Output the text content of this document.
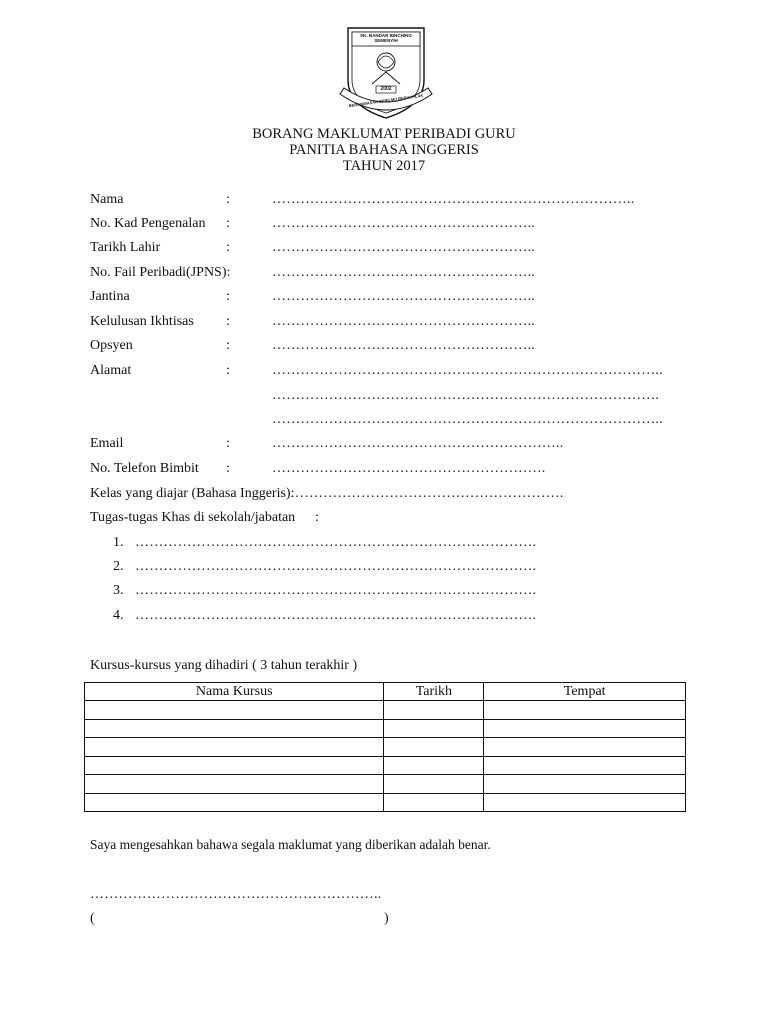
SK. BANDAR BINCHING SEMENYIH
2002
BERWAWASAN BERILMU BERAKHLAK
BORANG MAKLUMAT PERIBADI GURU
PANITIA BAHASA INGGERIS
TAHUN 2017
Nama	:	…………………………………………………………………..
No. Kad Pengenalan :	………………………………………………..
Tarikh Lahir	:	………………………………………………..
No. Fail Peribadi(JPNS):	………………………………………………..
Jantina	:	………………………………………………..
Kelulusan Ikhtisas :	………………………………………………..
Opsyen	:	………………………………………………..
Alamat	:	………………………………………………………………………..
……………………………………………………………………….
………………………………………………………………………..
Email	:	……………………………………………………..
No. Telefon Bimbit :	………………………………………………….
Kelas yang diajar (Bahasa Inggeris):
………………………………………………….
Tugas-tugas Khas di sekolah/jabatan :
1. ………………………………………………………………………….
2. ………………………………………………………………………….
3. ………………………………………………………………………….
4. ………………………………………………………………………….
Kursus-kursus yang dihadiri ( 3 tahun terakhir )
Nama Kursus	Tarikh	Tempat

Saya mengesahkan bahawa segala maklumat yang diberikan adalah benar.
……………………………………………………..
(	)
